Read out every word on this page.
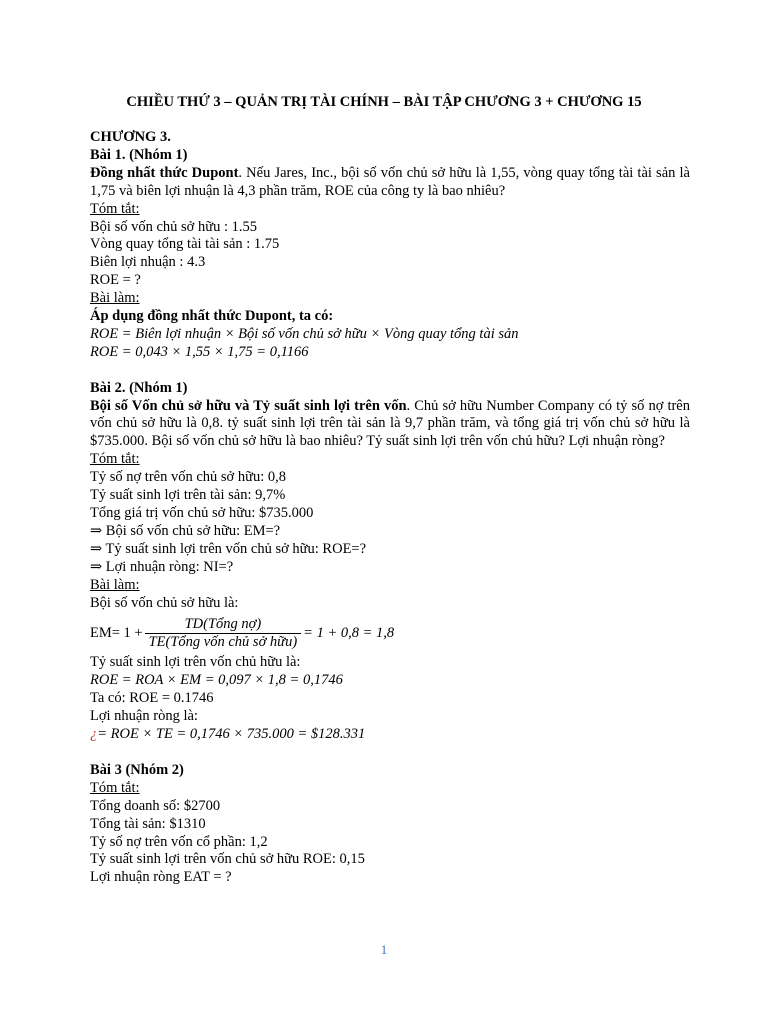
CHIỀU THỨ 3 – QUẢN TRỊ TÀI CHÍNH – BÀI TẬP CHƯƠNG 3 + CHƯƠNG 15

CHƯƠNG 3.

Bài 1. (Nhóm 1)

Đồng nhất thức Dupont. Nếu Jares, Inc., bội số vốn chủ sở hữu là 1,55, vòng quay tổng tài tài sản là 1,75 và biên lợi nhuận là 4,3 phần trăm, ROE của công ty là bao nhiêu?

Tóm tắt:

Bội số vốn chủ sở hữu : 1.55

Vòng quay tổng tài tài sản : 1.75

Biên lợi nhuận : 4.3

ROE = ?

Bài làm:

Áp dụng đồng nhất thức Dupont, ta có:

ROE = Biên lợi nhuận × Bội số vốn chủ sở hữu × Vòng quay tổng tài sản

ROE = 0,043 × 1,55 × 1,75 = 0,1166

Bài 2. (Nhóm 1)

Bội số Vốn chủ sở hữu và Tỷ suất sinh lợi trên vốn. Chủ sở hữu Number Company có tỷ số nợ trên vốn chủ sở hữu là 0,8. tỷ suất sinh lợi trên tài sản là 9,7 phần trăm, và tổng giá trị vốn chủ sở hữu là $735.000. Bội số vốn chủ sở hữu là bao nhiêu? Tỷ suất sinh lợi trên vốn chủ hữu? Lợi nhuận ròng?

Tóm tắt:

Tỷ số nợ trên vốn chủ sở hữu: 0,8

Tỷ suất sinh lợi trên tài sản: 9,7%

Tổng giá trị vốn chủ sở hữu: $735.000

⇒ Bội số vốn chủ sở hữu: EM=?

⇒ Tỷ suất sinh lợi trên vốn chủ sở hữu: ROE=?

⇒ Lợi nhuận ròng: NI=?

Bài làm:

Bội số vốn chủ sở hữu là:

$EM= 1 + \frac{\text{TD(Tổng nợ)}}{\text{TE(Tổng vốn chủ sở hữu)}} = 1 + 0,8 = 1,8$

Tỷ suất sinh lợi trên vốn chủ hữu là:

ROE = ROA × EM = 0,097 × 1,8 = 0,1746

Ta có: ROE = 0.1746

Lợi nhuận ròng là:

¿= ROE × TE = 0,1746 × 735.000 = $128.331

Bài 3 (Nhóm 2)

Tóm tắt:

Tổng doanh số: $2700

Tổng tài sản: $1310

Tỷ số nợ trên vốn cổ phần: 1,2

Tỷ suất sinh lợi trên vốn chủ sở hữu ROE: 0,15

Lợi nhuận ròng EAT = ?

1
